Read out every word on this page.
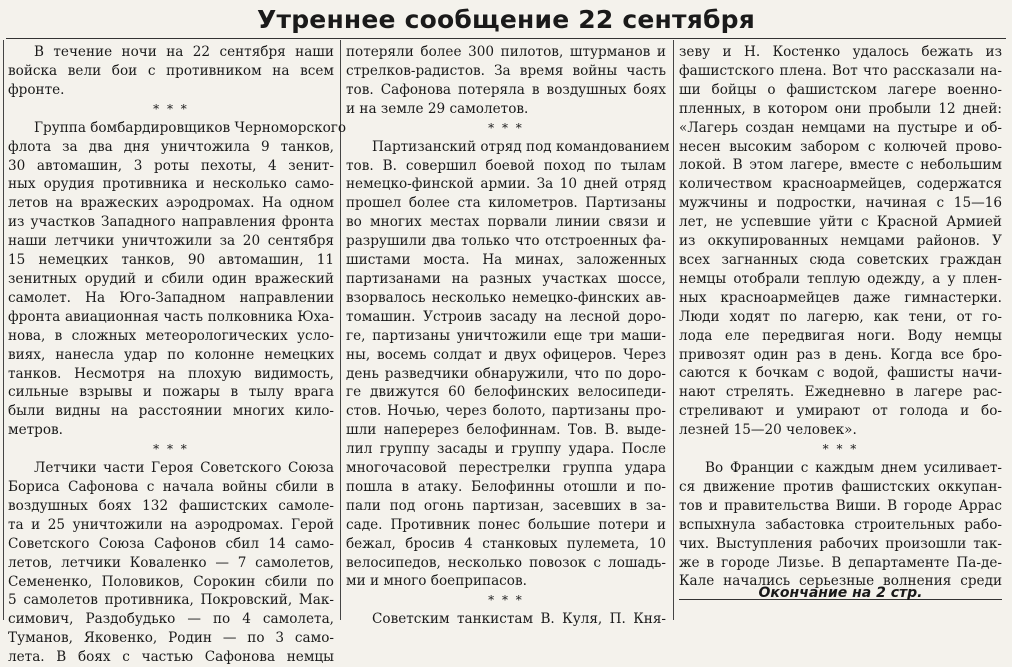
Утреннее сообщение 22 сентября
В течение ночи на 22 сентября наши
войска вели бои с противником на всем
фронте.
* * *
Группа бомбардировщиков Черноморского
флота за два дня уничтожила 9 танков,
30 автомашин, 3 роты пехоты, 4 зенит-
ных орудия противника и несколько само-
летов на вражеских аэродромах. На одном
из участков Западного направления фронта
наши летчики уничтожили за 20 сентября
15 немецких танков, 90 автомашин, 11
зенитных орудий и сбили один вражеский
самолет. На Юго-Западном направлении
фронта авиационная часть полковника Юха-
нова, в сложных метеорологических усло-
виях, нанесла удар по колонне немецких
танков. Несмотря на плохую видимость,
сильные взрывы и пожары в тылу врага
были видны на расстоянии многих кило-
метров.
* * *
Летчики части Героя Советского Союза
Бориса Сафонова с начала войны сбили в
воздушных боях 132 фашистских самоле-
та и 25 уничтожили на аэродромах. Герой
Советского Союза Сафонов сбил 14 само-
летов, летчики Коваленко — 7 самолетов,
Семененко, Половиков, Сорокин сбили по
5 самолетов противника, Покровский, Мак-
симович, Раздобудько — по 4 самолета,
Туманов, Яковенко, Родин — по 3 само-
лета. В боях с частью Сафонова немцы
потеряли более 300 пилотов, штурманов и
стрелков-радистов. За время войны часть
тов. Сафонова потеряла в воздушных боях
и на земле 29 самолетов.
* * *
Партизанский отряд под командованием
тов. В. совершил боевой поход по тылам
немецко-финской армии. За 10 дней отряд
прошел более ста километров. Партизаны
во многих местах порвали линии связи и
разрушили два только что отстроенных фа-
шистами моста. На минах, заложенных
партизанами на разных участках шоссе,
взорвалось несколько немецко-финских ав-
томашин. Устроив засаду на лесной доро-
ге, партизаны уничтожили еще три маши-
ны, восемь солдат и двух офицеров. Через
день разведчики обнаружили, что по доро-
ге движутся 60 белофинских велосипеди-
стов. Ночью, через болото, партизаны про-
шли наперерез белофиннам. Тов. В. выде-
лил группу засады и группу удара. После
многочасовой перестрелки группа удара
пошла в атаку. Белофинны отошли и по-
пали под огонь партизан, засевших в за-
саде. Противник понес большие потери и
бежал, бросив 4 станковых пулемета, 10
велосипедов, несколько повозок с лошадь-
ми и много боеприпасов.
* * *
Советским танкистам В. Куля, П. Кня-
зеву и Н. Костенко удалось бежать из
фашистского плена. Вот что рассказали на-
ши бойцы о фашистском лагере военно-
пленных, в котором они пробыли 12 дней:
«Лагерь создан немцами на пустыре и об-
несен высоким забором с колючей прово-
локой. В этом лагере, вместе с небольшим
количеством красноармейцев, содержатся
мужчины и подростки, начиная с 15—16
лет, не успевшие уйти с Красной Армией
из оккупированных немцами районов. У
всех загнанных сюда советских граждан
немцы отобрали теплую одежду, а у плен-
ных красноармейцев даже гимнастерки.
Люди ходят по лагерю, как тени, от го-
лода еле передвигая ноги. Воду немцы
привозят один раз в день. Когда все бро-
саются к бочкам с водой, фашисты начи-
нают стрелять. Ежедневно в лагере рас-
стреливают и умирают от голода и бо-
лезней 15—20 человек».
* * *
Во Франции с каждым днем усиливает-
ся движение против фашистских оккупан-
тов и правительства Виши. В городе Аррас
вспыхнула забастовка строительных рабо-
чих. Выступления рабочих произошли так-
же в городе Лизье. В департаменте Па-де-
Кале начались серьезные волнения среди
Окончание на 2 стр.
